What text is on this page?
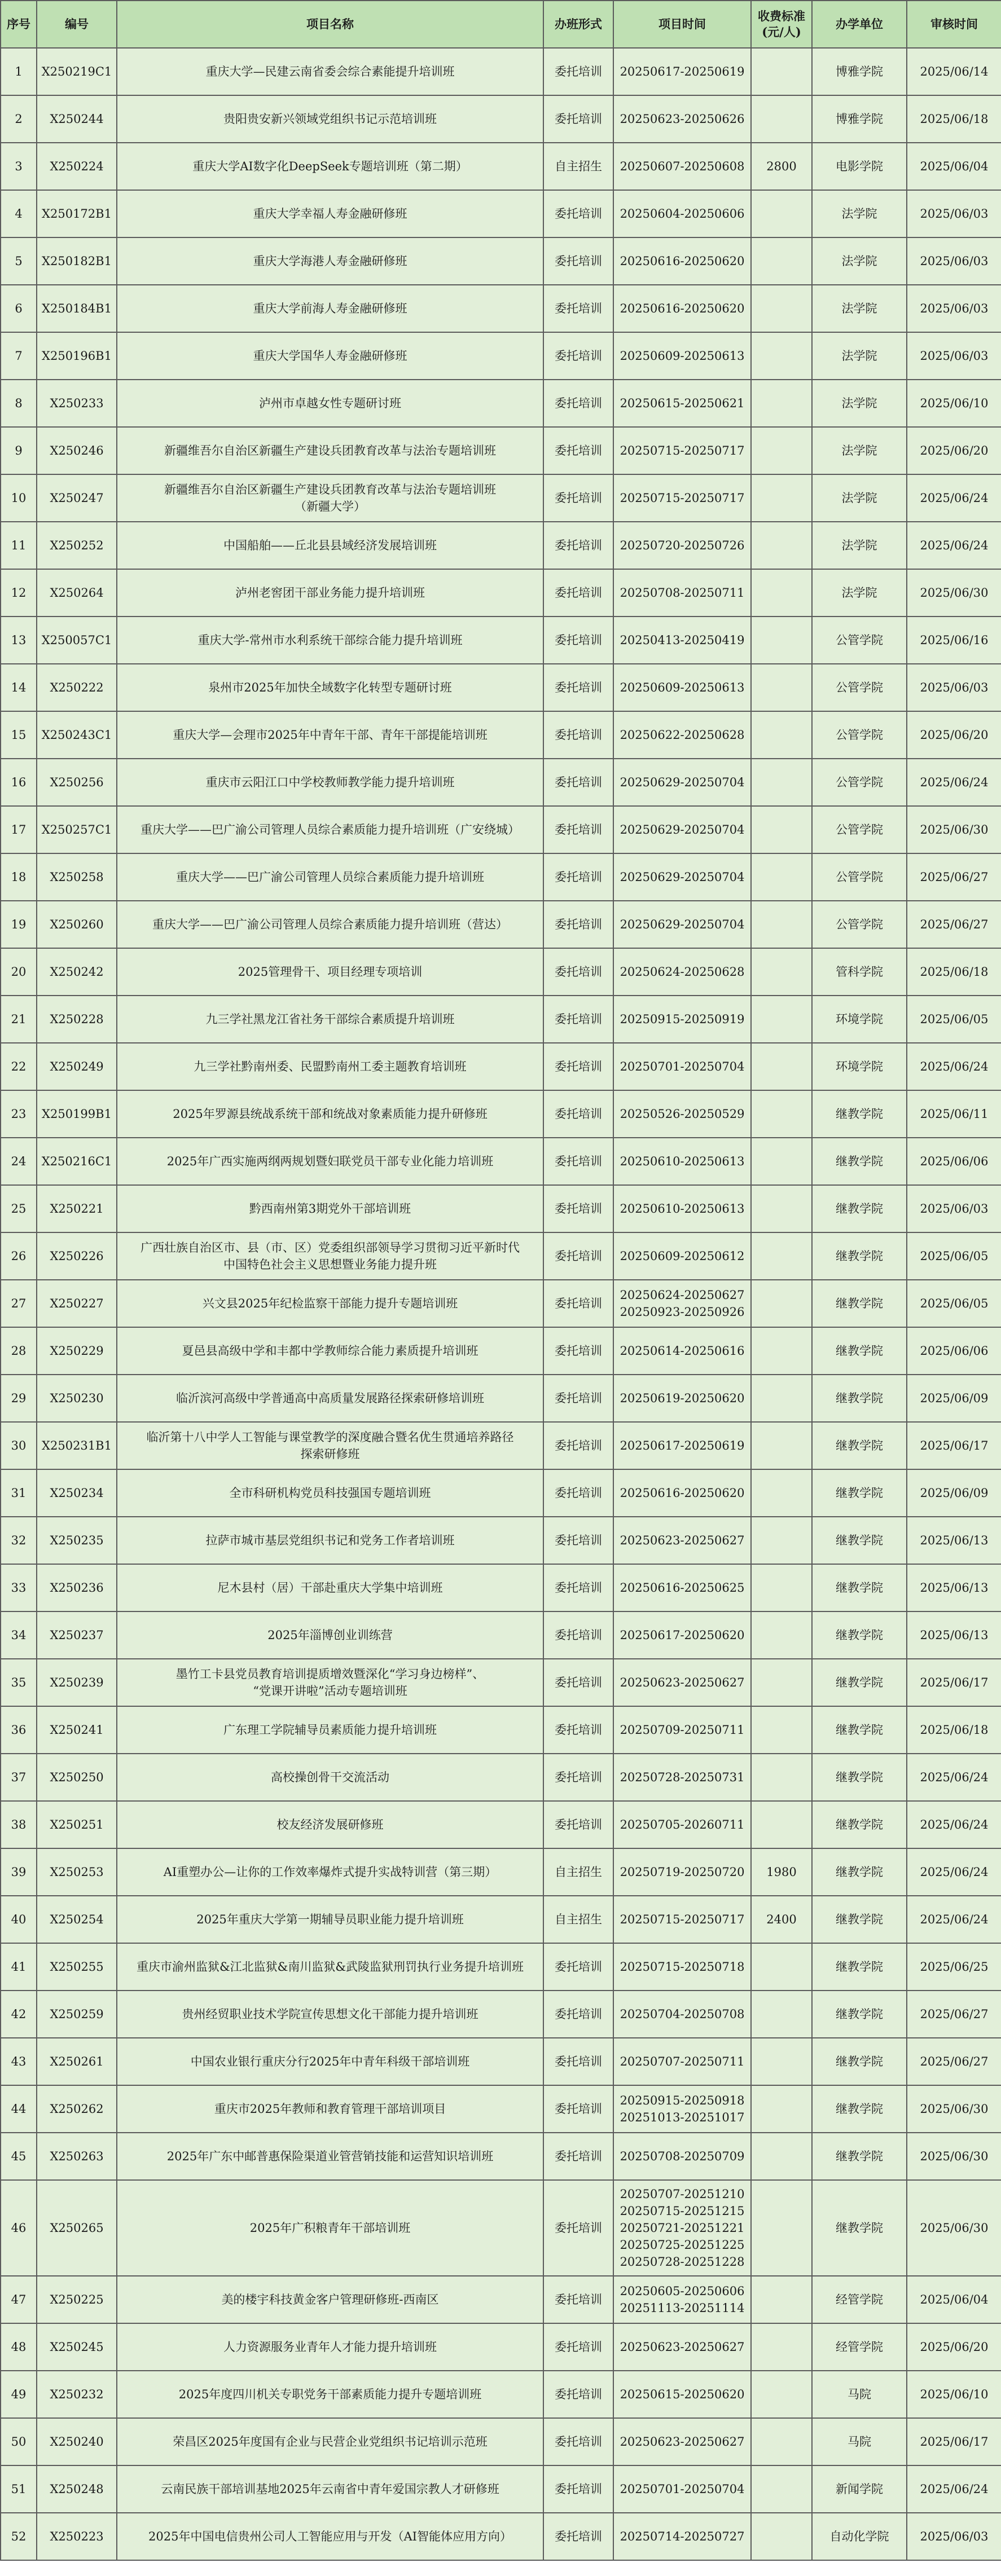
序号	编号	项目名称	办班形式	项目时间	收费标准
(元/人)	办学单位	审核时间
1	X250219C1	重庆大学—民建云南省委会综合素能提升培训班	委托培训	20250617-20250619		博雅学院	2025/06/14
2	X250244	贵阳贵安新兴领域党组织书记示范培训班	委托培训	20250623-20250626		博雅学院	2025/06/18
3	X250224	重庆大学AI数字化DeepSeek专题培训班（第二期）	自主招生	20250607-20250608	2800	电影学院	2025/06/04
4	X250172B1	重庆大学幸福人寿金融研修班	委托培训	20250604-20250606		法学院	2025/06/03
5	X250182B1	重庆大学海港人寿金融研修班	委托培训	20250616-20250620		法学院	2025/06/03
6	X250184B1	重庆大学前海人寿金融研修班	委托培训	20250616-20250620		法学院	2025/06/03
7	X250196B1	重庆大学国华人寿金融研修班	委托培训	20250609-20250613		法学院	2025/06/03
8	X250233	泸州市卓越女性专题研讨班	委托培训	20250615-20250621		法学院	2025/06/10
9	X250246	新疆维吾尔自治区新疆生产建设兵团教育改革与法治专题培训班	委托培训	20250715-20250717		法学院	2025/06/20
10	X250247	新疆维吾尔自治区新疆生产建设兵团教育改革与法治专题培训班
（新疆大学）	委托培训	20250715-20250717		法学院	2025/06/24
11	X250252	中国船舶——丘北县县域经济发展培训班	委托培训	20250720-20250726		法学院	2025/06/24
12	X250264	泸州老窖团干部业务能力提升培训班	委托培训	20250708-20250711		法学院	2025/06/30
13	X250057C1	重庆大学-常州市水利系统干部综合能力提升培训班	委托培训	20250413-20250419		公管学院	2025/06/16
14	X250222	泉州市2025年加快全域数字化转型专题研讨班	委托培训	20250609-20250613		公管学院	2025/06/03
15	X250243C1	重庆大学—会理市2025年中青年干部、青年干部提能培训班	委托培训	20250622-20250628		公管学院	2025/06/20
16	X250256	重庆市云阳江口中学校教师教学能力提升培训班	委托培训	20250629-20250704		公管学院	2025/06/24
17	X250257C1	重庆大学——巴广渝公司管理人员综合素质能力提升培训班（广安绕城）	委托培训	20250629-20250704		公管学院	2025/06/30
18	X250258	重庆大学——巴广渝公司管理人员综合素质能力提升培训班	委托培训	20250629-20250704		公管学院	2025/06/27
19	X250260	重庆大学——巴广渝公司管理人员综合素质能力提升培训班（营达）	委托培训	20250629-20250704		公管学院	2025/06/27
20	X250242	2025管理骨干、项目经理专项培训	委托培训	20250624-20250628		管科学院	2025/06/18
21	X250228	九三学社黑龙江省社务干部综合素质提升培训班	委托培训	20250915-20250919		环境学院	2025/06/05
22	X250249	九三学社黔南州委、民盟黔南州工委主题教育培训班	委托培训	20250701-20250704		环境学院	2025/06/24
23	X250199B1	2025年罗源县统战系统干部和统战对象素质能力提升研修班	委托培训	20250526-20250529		继教学院	2025/06/11
24	X250216C1	2025年广西实施两纲两规划暨妇联党员干部专业化能力培训班	委托培训	20250610-20250613		继教学院	2025/06/06
25	X250221	黔西南州第3期党外干部培训班	委托培训	20250610-20250613		继教学院	2025/06/03
26	X250226	广西壮族自治区市、县（市、区）党委组织部领导学习贯彻习近平新时代
中国特色社会主义思想暨业务能力提升班	委托培训	20250609-20250612		继教学院	2025/06/05
27	X250227	兴文县2025年纪检监察干部能力提升专题培训班	委托培训	20250624-20250627
20250923-20250926		继教学院	2025/06/05
28	X250229	夏邑县高级中学和丰都中学教师综合能力素质提升培训班	委托培训	20250614-20250616		继教学院	2025/06/06
29	X250230	临沂滨河高级中学普通高中高质量发展路径探索研修培训班	委托培训	20250619-20250620		继教学院	2025/06/09
30	X250231B1	临沂第十八中学人工智能与课堂教学的深度融合暨名优生贯通培养路径
探索研修班	委托培训	20250617-20250619		继教学院	2025/06/17
31	X250234	全市科研机构党员科技强国专题培训班	委托培训	20250616-20250620		继教学院	2025/06/09
32	X250235	拉萨市城市基层党组织书记和党务工作者培训班	委托培训	20250623-20250627		继教学院	2025/06/13
33	X250236	尼木县村（居）干部赴重庆大学集中培训班	委托培训	20250616-20250625		继教学院	2025/06/13
34	X250237	2025年淄博创业训练营	委托培训	20250617-20250620		继教学院	2025/06/13
35	X250239	墨竹工卡县党员教育培训提质增效暨深化“学习身边榜样”、
“党课开讲啦”活动专题培训班	委托培训	20250623-20250627		继教学院	2025/06/17
36	X250241	广东理工学院辅导员素质能力提升培训班	委托培训	20250709-20250711		继教学院	2025/06/18
37	X250250	高校操创骨干交流活动	委托培训	20250728-20250731		继教学院	2025/06/24
38	X250251	校友经济发展研修班	委托培训	20250705-20260711		继教学院	2025/06/24
39	X250253	AI重塑办公—让你的工作效率爆炸式提升实战特训营（第三期）	自主招生	20250719-20250720	1980	继教学院	2025/06/24
40	X250254	2025年重庆大学第一期辅导员职业能力提升培训班	自主招生	20250715-20250717	2400	继教学院	2025/06/24
41	X250255	重庆市渝州监狱&江北监狱&南川监狱&武陵监狱刑罚执行业务提升培训班	委托培训	20250715-20250718		继教学院	2025/06/25
42	X250259	贵州经贸职业技术学院宣传思想文化干部能力提升培训班	委托培训	20250704-20250708		继教学院	2025/06/27
43	X250261	中国农业银行重庆分行2025年中青年科级干部培训班	委托培训	20250707-20250711		继教学院	2025/06/27
44	X250262	重庆市2025年教师和教育管理干部培训项目	委托培训	20250915-20250918
20251013-20251017		继教学院	2025/06/30
45	X250263	2025年广东中邮普惠保险渠道业管营销技能和运营知识培训班	委托培训	20250708-20250709		继教学院	2025/06/30
46	X250265	2025年广积粮青年干部培训班	委托培训	20250707-20251210
20250715-20251215
20250721-20251221
20250725-20251225
20250728-20251228		继教学院	2025/06/30
47	X250225	美的楼宇科技黄金客户管理研修班-西南区	委托培训	20250605-20250606
20251113-20251114		经管学院	2025/06/04
48	X250245	人力资源服务业青年人才能力提升培训班	委托培训	20250623-20250627		经管学院	2025/06/20
49	X250232	2025年度四川机关专职党务干部素质能力提升专题培训班	委托培训	20250615-20250620		马院	2025/06/10
50	X250240	荣昌区2025年度国有企业与民营企业党组织书记培训示范班	委托培训	20250623-20250627		马院	2025/06/17
51	X250248	云南民族干部培训基地2025年云南省中青年爱国宗教人才研修班	委托培训	20250701-20250704		新闻学院	2025/06/24
52	X250223	2025年中国电信贵州公司人工智能应用与开发（AI智能体应用方向）	委托培训	20250714-20250727		自动化学院	2025/06/03
